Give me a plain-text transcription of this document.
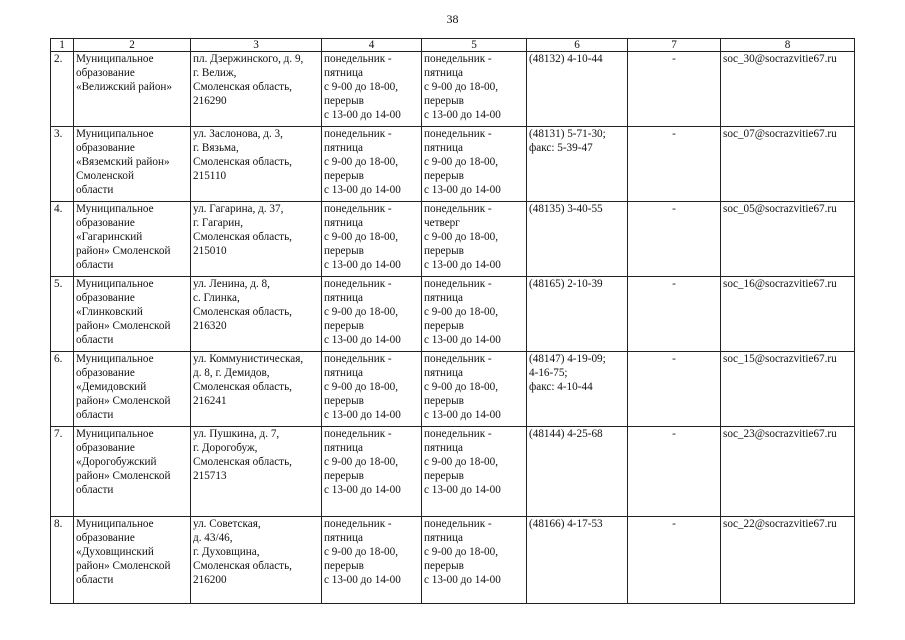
38
1	2	3	4	5	6	7	8
2.	Муниципальное
образование
«Велижский район»	пл. Дзержинского, д. 9,
г. Велиж,
Смоленская область,
216290	понедельник -
пятница
с 9-00 до 18-00,
перерыв
с 13-00 до 14-00	понедельник -
пятница
с 9-00 до 18-00,
перерыв
с 13-00 до 14-00	(48132) 4-10-44	-	soc_30@socrazvitie67.ru
3.	Муниципальное
образование
«Вяземский район»
Смоленской
области	ул. Заслонова, д. 3,
г. Вязьма,
Смоленская область,
215110	понедельник -
пятница
с 9-00 до 18-00,
перерыв
с 13-00 до 14-00	понедельник -
пятница
с 9-00 до 18-00,
перерыв
с 13-00 до 14-00	(48131) 5-71-30;
факс: 5-39-47	-	soc_07@socrazvitie67.ru
4.	Муниципальное
образование
«Гагаринский
район» Смоленской
области	ул. Гагарина, д. 37,
г. Гагарин,
Смоленская область,
215010	понедельник -
пятница
с 9-00 до 18-00,
перерыв
с 13-00 до 14-00	понедельник -
четверг
с 9-00 до 18-00,
перерыв
с 13-00 до 14-00	(48135) 3-40-55	-	soc_05@socrazvitie67.ru
5.	Муниципальное
образование
«Глинковский
район» Смоленской
области	ул. Ленина, д. 8,
с. Глинка,
Смоленская область,
216320	понедельник -
пятница
с 9-00 до 18-00,
перерыв
с 13-00 до 14-00	понедельник -
пятница
с 9-00 до 18-00,
перерыв
с 13-00 до 14-00	(48165) 2-10-39	-	soc_16@socrazvitie67.ru
6.	Муниципальное
образование
«Демидовский
район» Смоленской
области	ул. Коммунистическая,
д. 8, г. Демидов,
Смоленская область,
216241	понедельник -
пятница
с 9-00 до 18-00,
перерыв
с 13-00 до 14-00	понедельник -
пятница
с 9-00 до 18-00,
перерыв
с 13-00 до 14-00	(48147) 4-19-09;
4-16-75;
факс: 4-10-44	-	soc_15@socrazvitie67.ru
7.	Муниципальное
образование
«Дорогобужский
район» Смоленской
области	ул. Пушкина, д. 7,
г. Дорогобуж,
Смоленская область,
215713	понедельник -
пятница
с 9-00 до 18-00,
перерыв
с 13-00 до 14-00	понедельник -
пятница
с 9-00 до 18-00,
перерыв
с 13-00 до 14-00	(48144) 4-25-68	-	soc_23@socrazvitie67.ru
8.	Муниципальное
образование
«Духовщинский
район» Смоленской
области	ул. Советская,
д. 43/46,
г. Духовщина,
Смоленская область,
216200	понедельник -
пятница
с 9-00 до 18-00,
перерыв
с 13-00 до 14-00	понедельник -
пятница
с 9-00 до 18-00,
перерыв
с 13-00 до 14-00	(48166) 4-17-53	-	soc_22@socrazvitie67.ru
